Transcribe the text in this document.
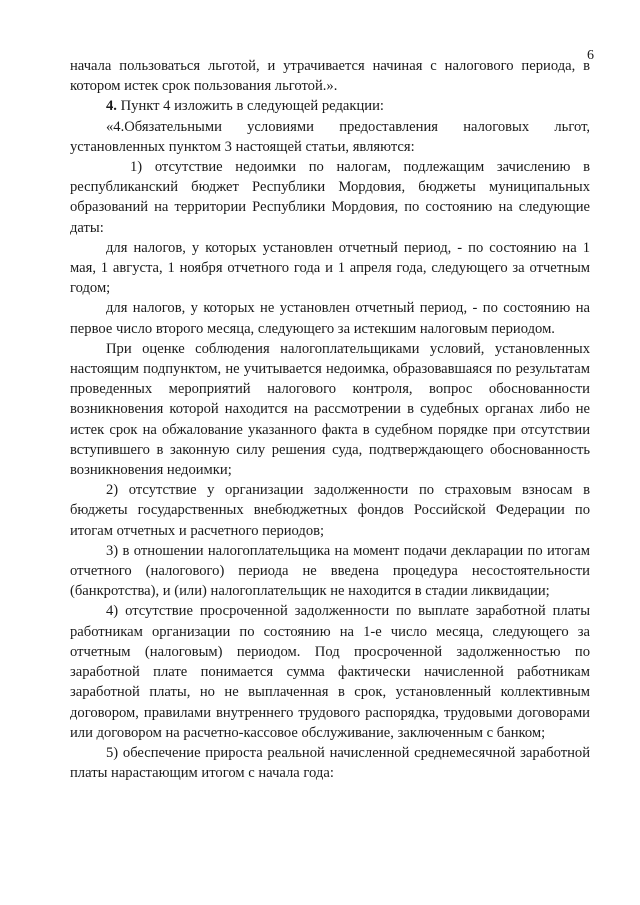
6

начала пользоваться льготой, и утрачивается начиная с налогового периода, в котором истек срок пользования льготой.».

4. Пункт 4 изложить в следующей редакции:

«4.Обязательными условиями предоставления налоговых льгот, установленных пунктом 3 настоящей статьи, являются:

1) отсутствие недоимки по налогам, подлежащим зачислению в республиканский бюджет Республики Мордовия, бюджеты муниципальных образований на территории Республики Мордовия, по состоянию на следующие даты:

для налогов, у которых установлен отчетный период, - по состоянию на 1 мая, 1 августа, 1 ноября отчетного года и 1 апреля года, следующего за отчетным годом;

для налогов, у которых не установлен отчетный период, - по состоянию на первое число второго месяца, следующего за истекшим налоговым периодом.

При оценке соблюдения налогоплательщиками условий, установленных настоящим подпунктом, не учитывается недоимка, образовавшаяся по результатам проведенных мероприятий налогового контроля, вопрос обоснованности возникновения которой находится на рассмотрении в судебных органах либо не истек срок на обжалование указанного факта в судебном порядке при отсутствии вступившего в законную силу решения суда, подтверждающего обоснованность возникновения недоимки;

2) отсутствие у организации задолженности по страховым взносам в бюджеты государственных внебюджетных фондов Российской Федерации по итогам отчетных и расчетного периодов;

3) в отношении налогоплательщика на момент подачи декларации по итогам отчетного (налогового) периода не введена процедура несостоятельности (банкротства), и (или) налогоплательщик не находится в стадии ликвидации;

4) отсутствие просроченной задолженности по выплате заработной платы работникам организации по состоянию на 1-е число месяца, следующего за отчетным (налоговым) периодом. Под просроченной задолженностью по заработной плате понимается сумма фактически начисленной работникам заработной платы, но не выплаченная в срок, установленный коллективным договором, правилами внутреннего трудового распорядка, трудовыми договорами или договором на расчетно-кассовое обслуживание, заключенным с банком;

5) обеспечение прироста реальной начисленной среднемесячной заработной платы нарастающим итогом с начала года:
